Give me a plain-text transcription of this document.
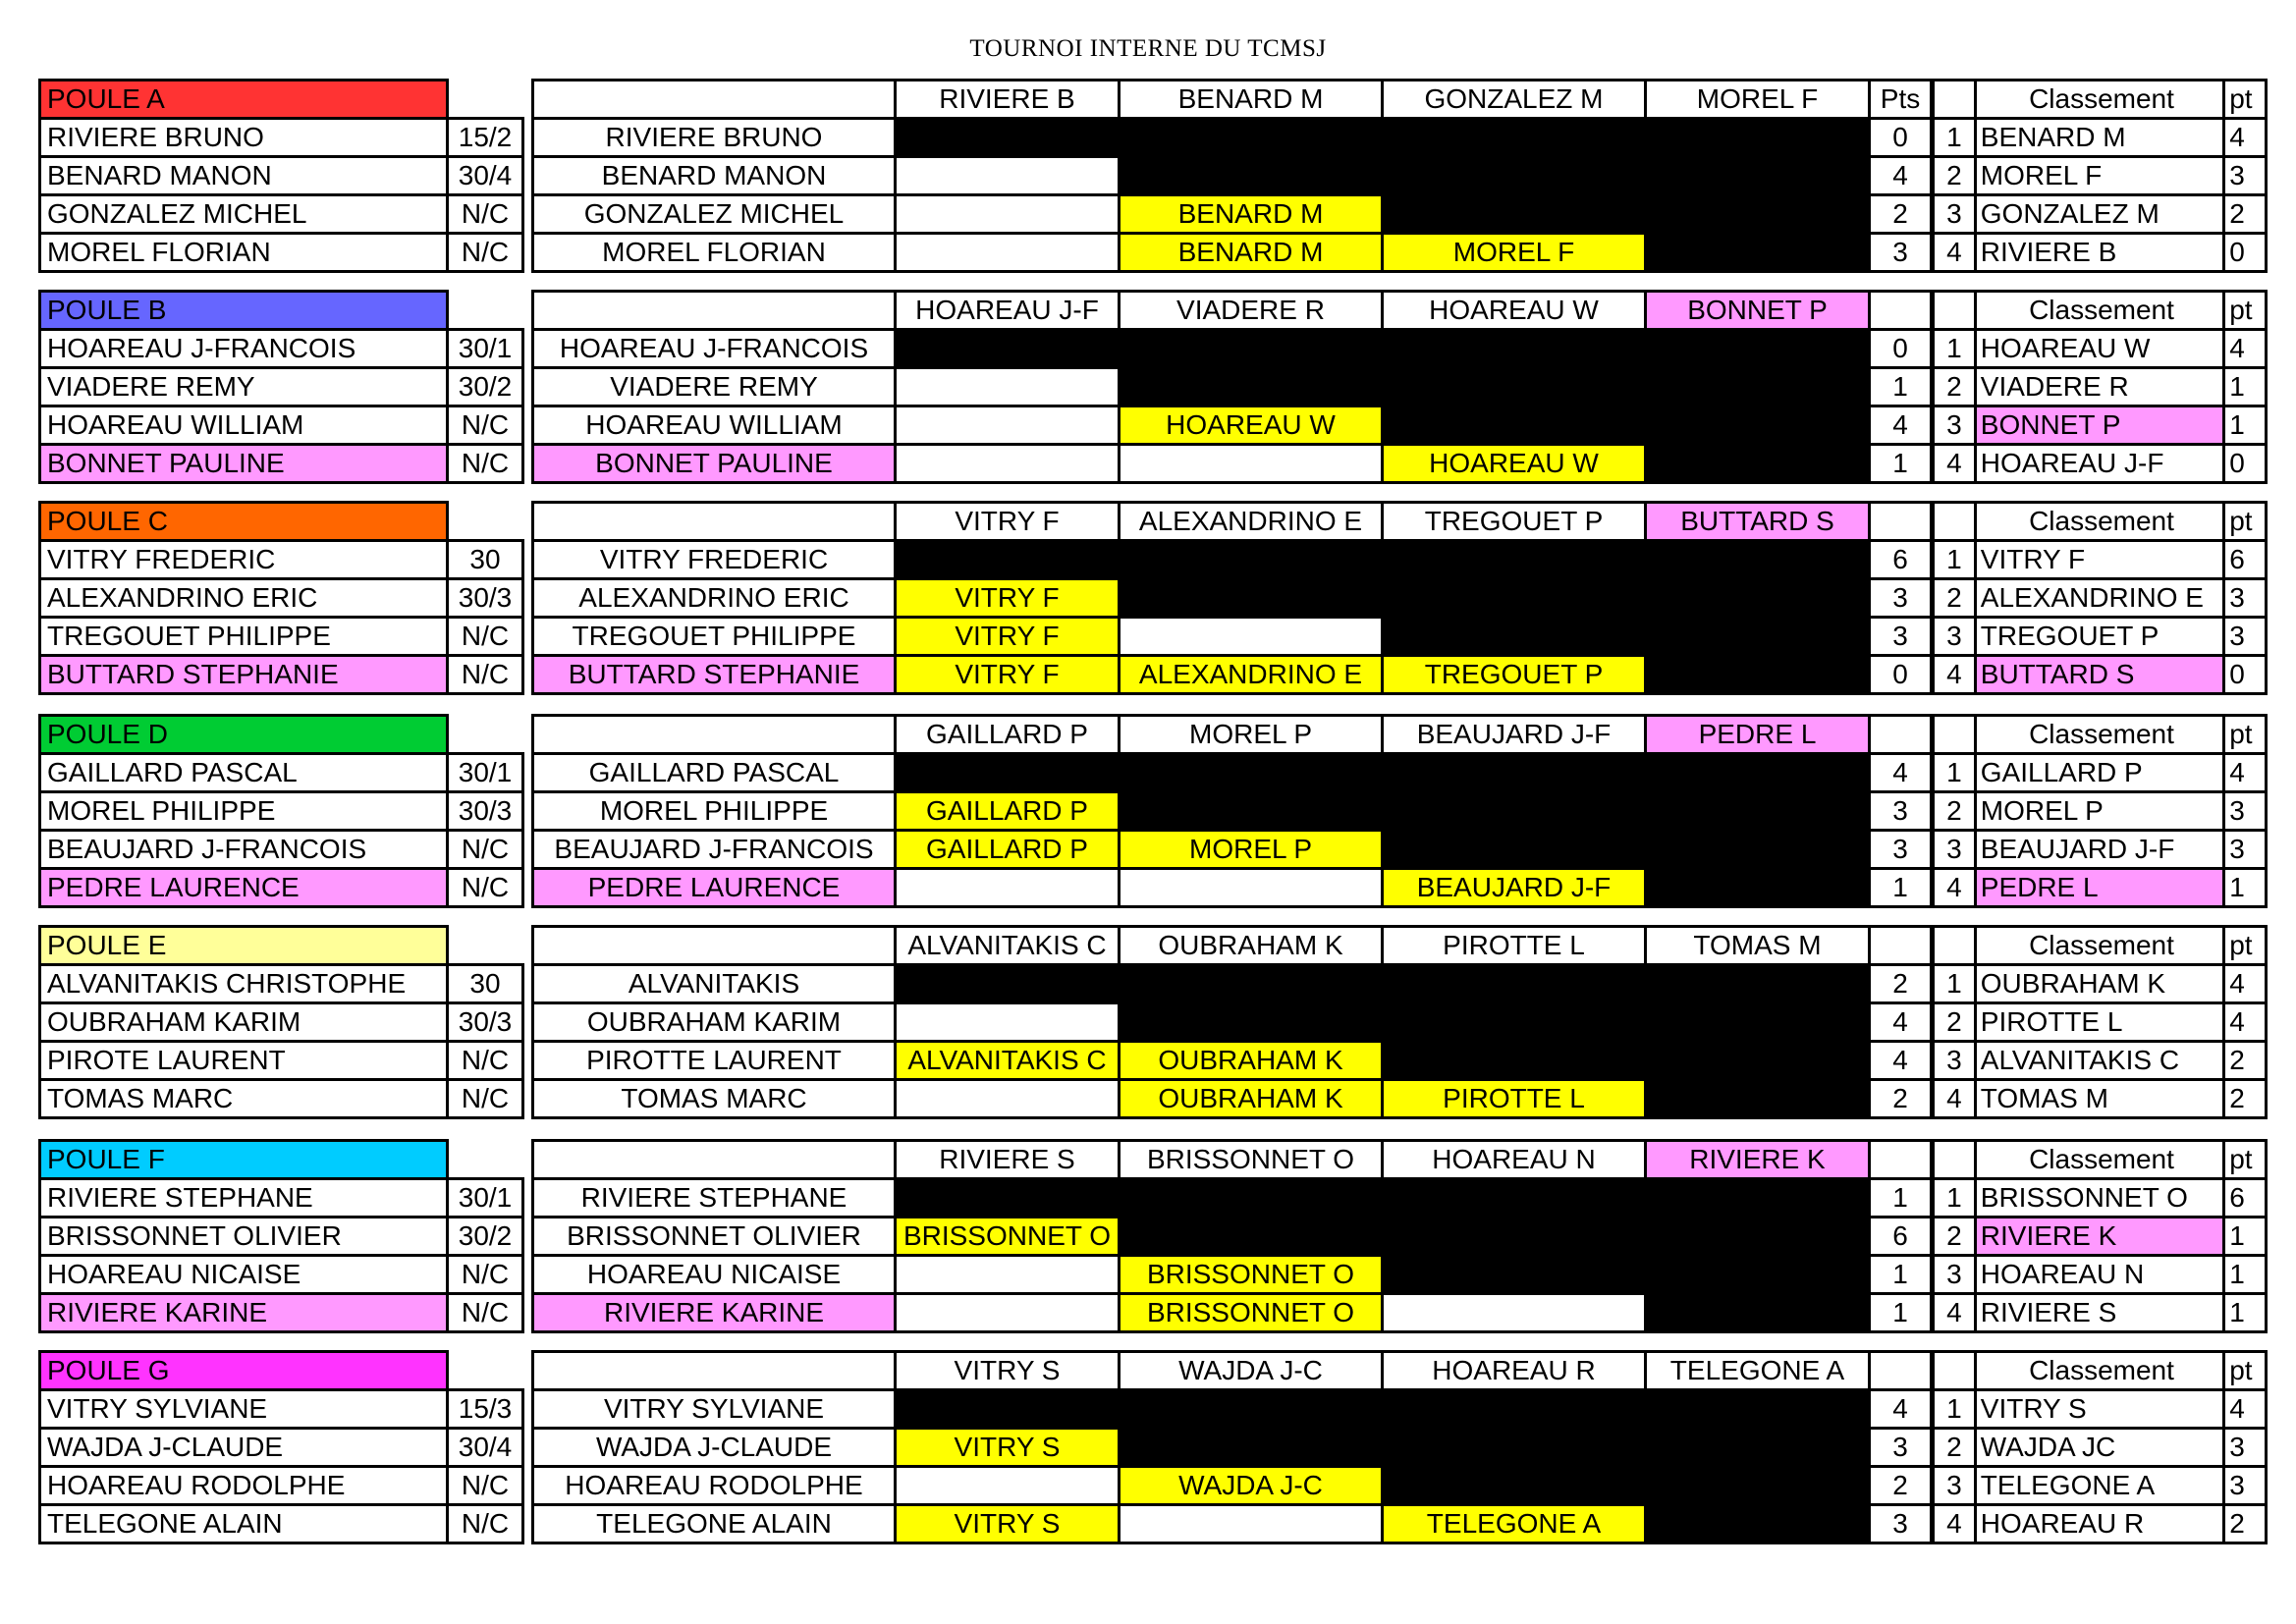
TOURNOI INTERNE DU TCMSJ
POULE A	
RIVIERE BRUNO	15/2
BENARD MANON	30/4
GONZALEZ MICHEL	N/C
MOREL FLORIAN	N/C
	RIVIERE B	BENARD M	GONZALEZ M	MOREL F	Pts
RIVIERE BRUNO					0
BENARD MANON					4
GONZALEZ MICHEL		BENARD M			2
MOREL FLORIAN		BENARD M	MOREL F		3
	Classement	pt
1	BENARD M	4
2	MOREL F	3
3	GONZALEZ M	2
4	RIVIERE B	0
POULE B	
HOAREAU J-FRANCOIS	30/1
VIADERE REMY	30/2
HOAREAU WILLIAM	N/C
BONNET PAULINE	N/C
	HOAREAU J-F	VIADERE R	HOAREAU W	BONNET P	
HOAREAU J-FRANCOIS					0
VIADERE REMY					1
HOAREAU WILLIAM		HOAREAU W			4
BONNET PAULINE			HOAREAU W		1
	Classement	pt
1	HOAREAU W	4
2	VIADERE R	1
3	BONNET P	1
4	HOAREAU J-F	0
POULE C	
VITRY FREDERIC	30
ALEXANDRINO ERIC	30/3
TREGOUET PHILIPPE	N/C
BUTTARD STEPHANIE	N/C
	VITRY F	ALEXANDRINO E	TREGOUET P	BUTTARD S	
VITRY FREDERIC					6
ALEXANDRINO ERIC	VITRY F				3
TREGOUET PHILIPPE	VITRY F				3
BUTTARD STEPHANIE	VITRY F	ALEXANDRINO E	TREGOUET P		0
	Classement	pt
1	VITRY F	6
2	ALEXANDRINO E	3
3	TREGOUET P	3
4	BUTTARD S	0
POULE D	
GAILLARD PASCAL	30/1
MOREL PHILIPPE	30/3
BEAUJARD J-FRANCOIS	N/C
PEDRE LAURENCE	N/C
	GAILLARD P	MOREL P	BEAUJARD J-F	PEDRE L	
GAILLARD PASCAL					4
MOREL PHILIPPE	GAILLARD P				3
BEAUJARD J-FRANCOIS	GAILLARD P	MOREL P			3
PEDRE LAURENCE			BEAUJARD J-F		1
	Classement	pt
1	GAILLARD P	4
2	MOREL P	3
3	BEAUJARD J-F	3
4	PEDRE L	1
POULE E	
ALVANITAKIS CHRISTOPHE	30
OUBRAHAM KARIM	30/3
PIROTE LAURENT	N/C
TOMAS MARC	N/C
	ALVANITAKIS C	OUBRAHAM K	PIROTTE L	TOMAS M	
ALVANITAKIS					2
OUBRAHAM KARIM					4
PIROTTE LAURENT	ALVANITAKIS C	OUBRAHAM K			4
TOMAS MARC		OUBRAHAM K	PIROTTE L		2
	Classement	pt
1	OUBRAHAM K	4
2	PIROTTE L	4
3	ALVANITAKIS C	2
4	TOMAS M	2
POULE F	
RIVIERE STEPHANE	30/1
BRISSONNET OLIVIER	30/2
HOAREAU NICAISE	N/C
RIVIERE KARINE	N/C
	RIVIERE S	BRISSONNET O	HOAREAU N	RIVIERE K	
RIVIERE STEPHANE					1
BRISSONNET OLIVIER	BRISSONNET O				6
HOAREAU NICAISE		BRISSONNET O			1
RIVIERE KARINE		BRISSONNET O			1
	Classement	pt
1	BRISSONNET O	6
2	RIVIERE K	1
3	HOAREAU N	1
4	RIVIERE S	1
POULE G	
VITRY SYLVIANE	15/3
WAJDA J-CLAUDE	30/4
HOAREAU RODOLPHE	N/C
TELEGONE ALAIN	N/C
	VITRY S	WAJDA J-C	HOAREAU R	TELEGONE A	
VITRY SYLVIANE					4
WAJDA J-CLAUDE	VITRY S				3
HOAREAU RODOLPHE		WAJDA J-C			2
TELEGONE ALAIN	VITRY S		TELEGONE A		3
	Classement	pt
1	VITRY S	4
2	WAJDA JC	3
3	TELEGONE A	3
4	HOAREAU R	2
